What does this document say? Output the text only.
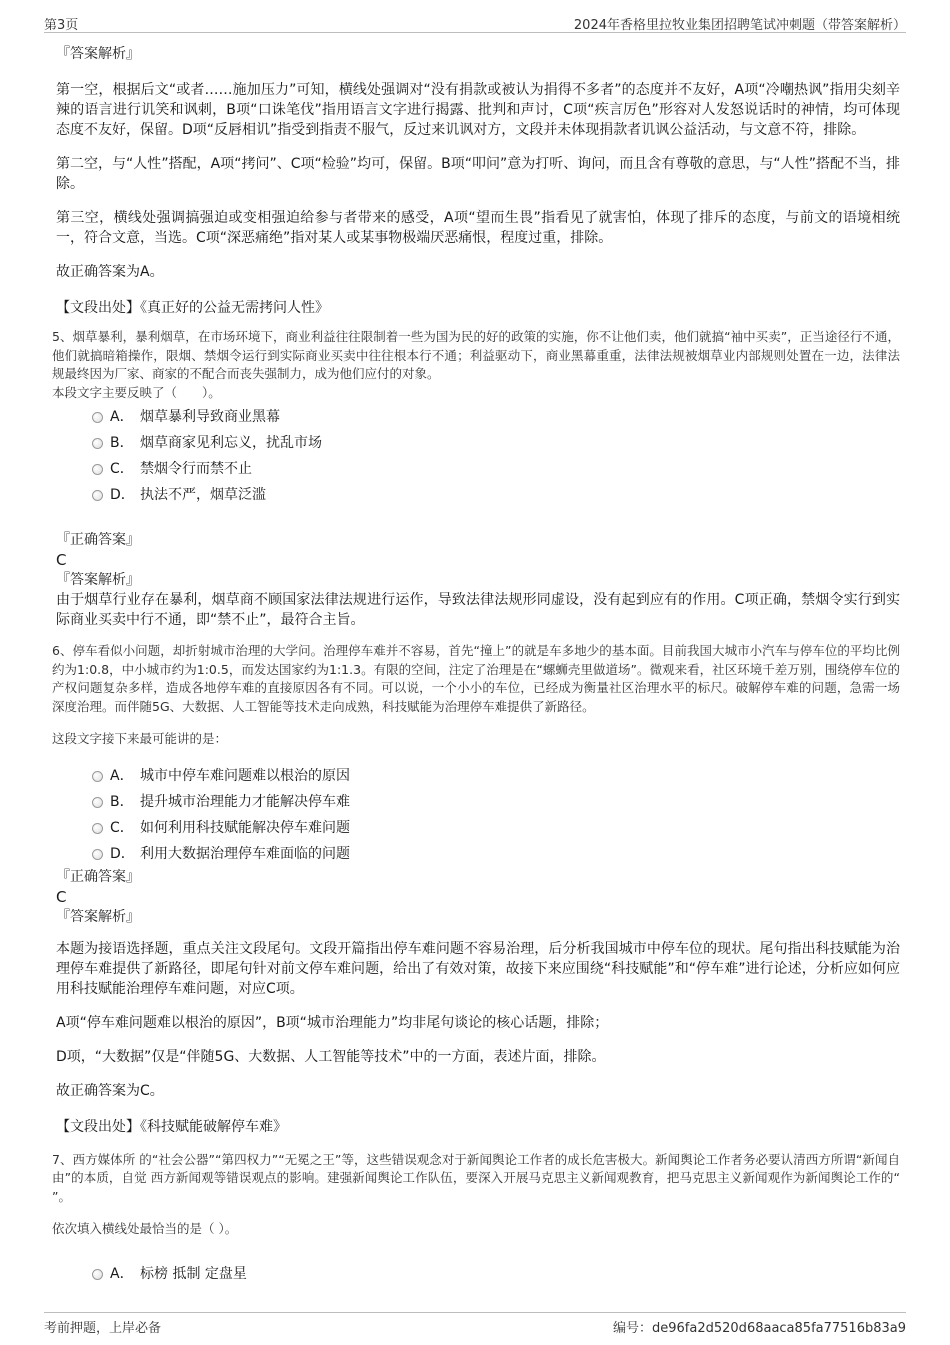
第3页	2024年香格里拉牧业集团招聘笔试冲刺题（带答案解析）
『答案解析』

第一空，根据后文“或者……施加压力”可知，横线处强调对“没有捐款或被认为捐得不多者”的态度并不友好，A项“冷嘲热讽”指用尖刻辛辣的语言进行讥笑和讽刺，B项“口诛笔伐”指用语言文字进行揭露、批判和声讨，C项“疾言厉色”形容对人发怒说话时的神情，均可体现态度不友好，保留。D项“反唇相讥”指受到指责不服气，反过来讥讽对方，文段并未体现捐款者讥讽公益活动，与文意不符，排除。

第二空，与“人性”搭配，A项“拷问”、C项“检验”均可，保留。B项“叩问”意为打听、询问，而且含有尊敬的意思，与“人性”搭配不当，排除。

第三空，横线处强调搞强迫或变相强迫给参与者带来的感受，A项“望而生畏”指看见了就害怕，体现了排斥的态度，与前文的语境相统一，符合文意，当选。C项“深恶痛绝”指对某人或某事物极端厌恶痛恨，程度过重，排除。

故正确答案为A。

【文段出处】《真正好的公益无需拷问人性》

5、烟草暴利，暴利烟草，在市场环境下，商业利益往往限制着一些为国为民的好的政策的实施，你不让他们卖，他们就搞“袖中买卖”，正当途径行不通，他们就搞暗箱操作，限烟、禁烟令运行到实际商业买卖中往往根本行不通；利益驱动下，商业黑幕重重，法律法规被烟草业内部规则处置在一边，法律法规最终因为厂家、商家的不配合而丧失强制力，成为他们应付的对象。

本段文字主要反映了（　　）。

A． 烟草暴利导致商业黑幕
B． 烟草商家见利忘义，扰乱市场
C． 禁烟令行而禁不止
D． 执法不严，烟草泛滥
『正确答案』
C
『答案解析』

由于烟草行业存在暴利，烟草商不顾国家法律法规进行运作，导致法律法规形同虚设，没有起到应有的作用。C项正确，禁烟令实行到实际商业买卖中行不通，即“禁不止”，最符合主旨。

6、停车看似小问题，却折射城市治理的大学问。治理停车难并不容易，首先“撞上”的就是车多地少的基本面。目前我国大城市小汽车与停车位的平均比例约为1:0.8，中小城市约为1:0.5，而发达国家约为1:1.3。有限的空间，注定了治理是在“螺蛳壳里做道场”。微观来看，社区环境千差万别，围绕停车位的产权问题复杂多样，造成各地停车难的直接原因各有不同。可以说，一个小小的车位，已经成为衡量社区治理水平的标尺。破解停车难的问题，急需一场深度治理。而伴随5G、大数据、人工智能等技术走向成熟，科技赋能为治理停车难提供了新路径。

这段文字接下来最可能讲的是：

A． 城市中停车难问题难以根治的原因
B． 提升城市治理能力才能解决停车难
C． 如何利用科技赋能解决停车难问题
D． 利用大数据治理停车难面临的问题
『正确答案』
C
『答案解析』

本题为接语选择题，重点关注文段尾句。文段开篇指出停车难问题不容易治理，后分析我国城市中停车位的现状。尾句指出科技赋能为治理停车难提供了新路径，即尾句针对前文停车难问题，给出了有效对策，故接下来应围绕“科技赋能”和“停车难”进行论述，分析应如何应用科技赋能治理停车难问题，对应C项。

A项“停车难问题难以根治的原因”，B项“城市治理能力”均非尾句谈论的核心话题，排除；

D项，“大数据”仅是“伴随5G、大数据、人工智能等技术”中的一方面，表述片面，排除。

故正确答案为C。

【文段出处】《科技赋能破解停车难》

7、西方媒体所 的“社会公器”“第四权力”“无冕之王”等，这些错误观念对于新闻舆论工作者的成长危害极大。新闻舆论工作者务必要认清西方所谓“新闻自由”的本质，自觉 西方新闻观等错误观点的影响。建强新闻舆论工作队伍，要深入开展马克思主义新闻观教育，把马克思主义新闻观作为新闻舆论工作的“ ”。

依次填入横线处最恰当的是（ ）。

A． 标榜 抵制 定盘星
考前押题，上岸必备	编号：de96fa2d520d68aaca85fa77516b83a9
